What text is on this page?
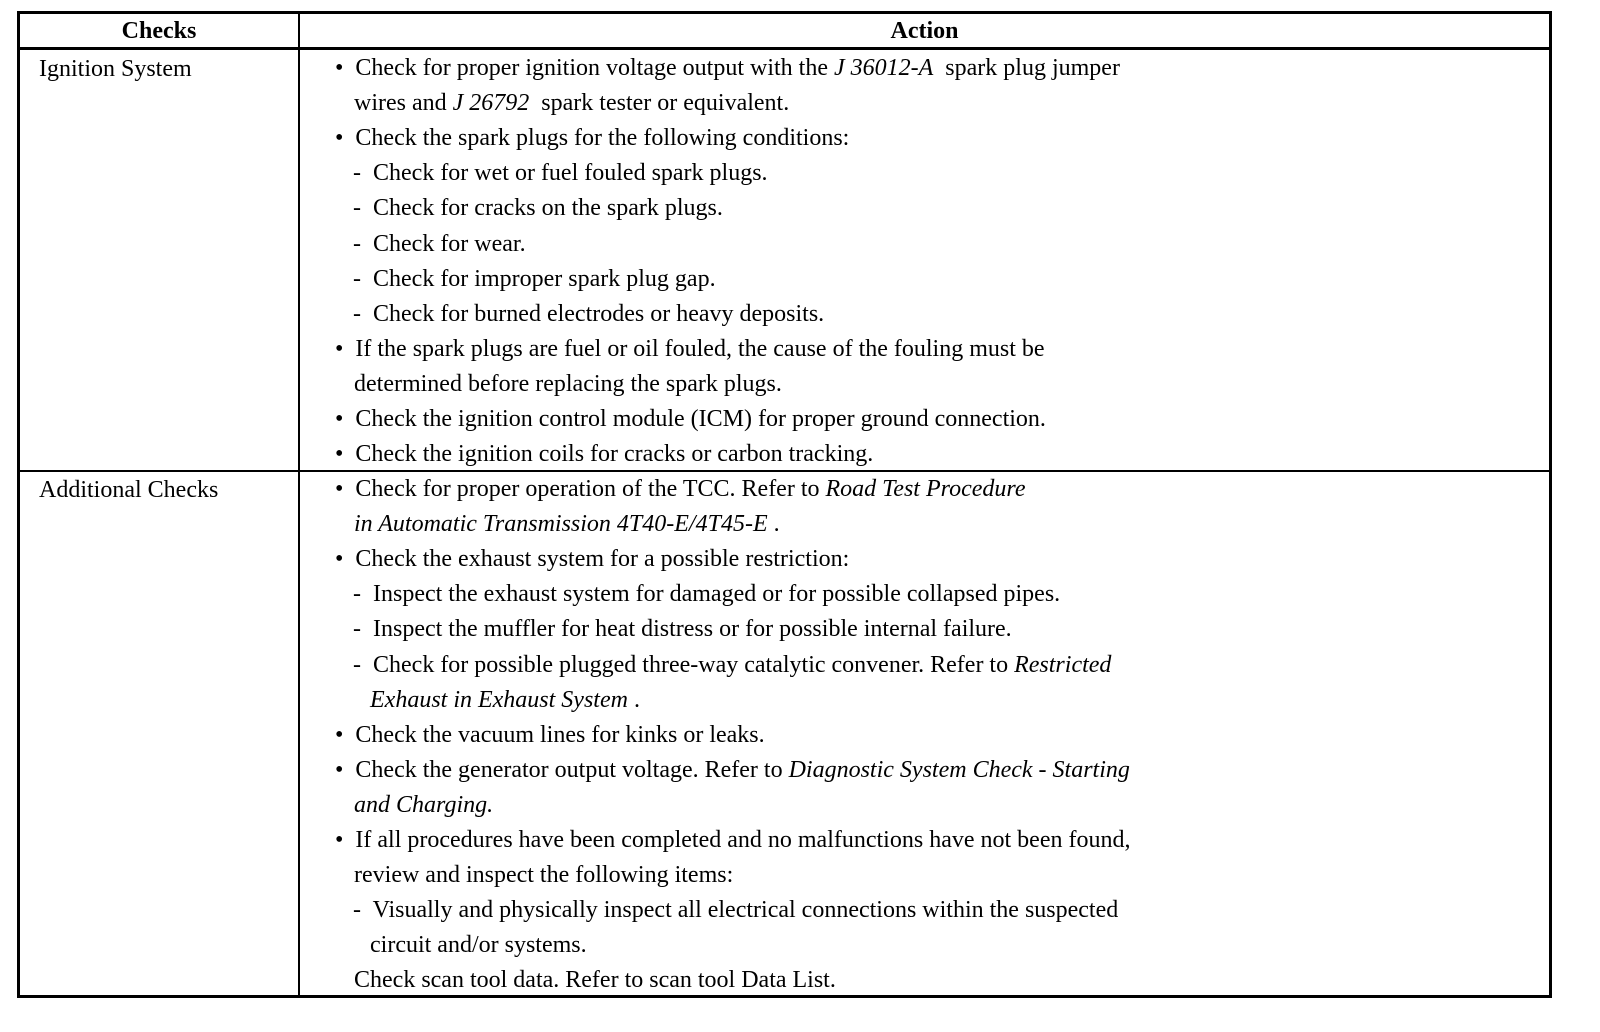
Checks	Action
Ignition System
Additional Checks
• Check for proper ignition voltage output with the J 36012-A  spark plug jumper
wires and J 26792  spark tester or equivalent.
• Check the spark plugs for the following conditions:
- Check for wet or fuel fouled spark plugs.
- Check for cracks on the spark plugs.
- Check for wear.
- Check for improper spark plug gap.
- Check for burned electrodes or heavy deposits.
• If the spark plugs are fuel or oil fouled, the cause of the fouling must be
determined before replacing the spark plugs.
• Check the ignition control module (ICM) for proper ground connection.
• Check the ignition coils for cracks or carbon tracking.
• Check for proper operation of the TCC. Refer to Road Test Procedure
in Automatic Transmission 4T40-E/4T45-E .
• Check the exhaust system for a possible restriction:
- Inspect the exhaust system for damaged or for possible collapsed pipes.
- Inspect the muffler for heat distress or for possible internal failure.
- Check for possible plugged three-way catalytic convener. Refer to Restricted
Exhaust in Exhaust System .
• Check the vacuum lines for kinks or leaks.
• Check the generator output voltage. Refer to Diagnostic System Check - Starting
and Charging.
• If all procedures have been completed and no malfunctions have not been found,
review and inspect the following items:
- Visually and physically inspect all electrical connections within the suspected
circuit and/or systems.
Check scan tool data. Refer to scan tool Data List.
